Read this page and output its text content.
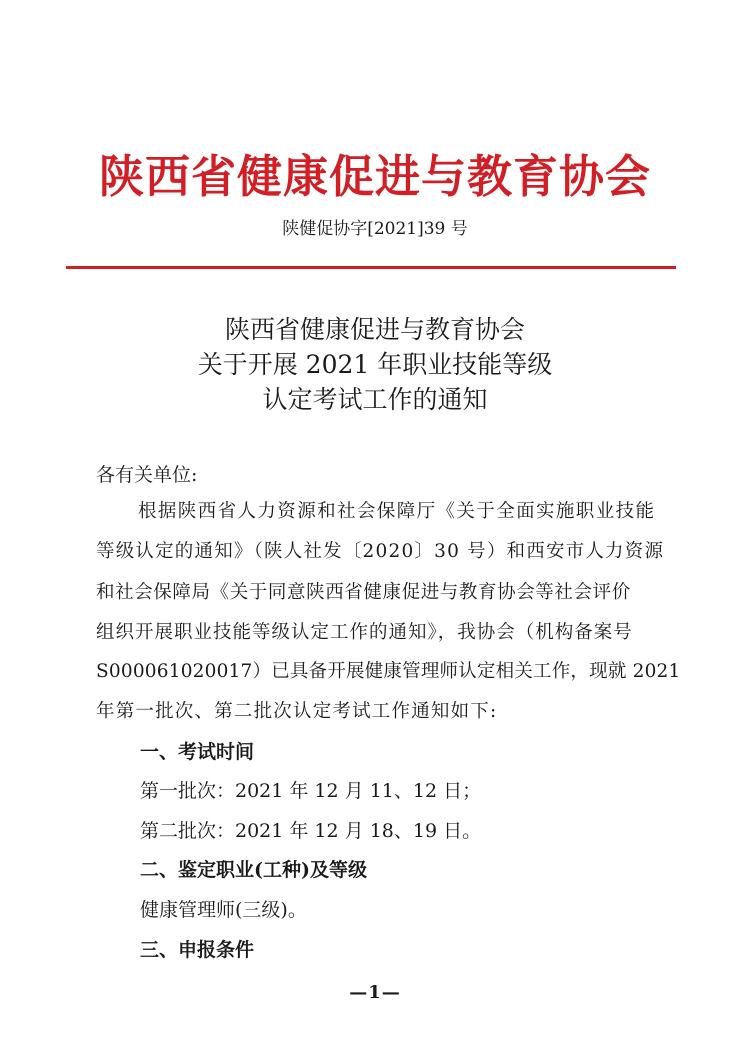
陕西省健康促进与教育协会
陕健促协字[2021]39 号
陕西省健康促进与教育协会
关于开展 2021 年职业技能等级
认定考试工作的通知
各有关单位:
根据陕西省人力资源和社会保障厅《关于全面实施职业技能
等级认定的通知》（陕人社发〔2020〕30 号）和西安市人力资源
和社会保障局《关于同意陕西省健康促进与教育协会等社会评价
组织开展职业技能等级认定工作的通知》，我协会（机构备案号
S000061020017）已具备开展健康管理师认定相关工作，现就 2021
年第一批次、第二批次认定考试工作通知如下:
一、考试时间
第一批次：2021 年 12 月 11、12 日；
第二批次：2021 年 12 月 18、19 日。
二、鉴定职业(工种)及等级
健康管理师(三级)。
三、申报条件
—1—
